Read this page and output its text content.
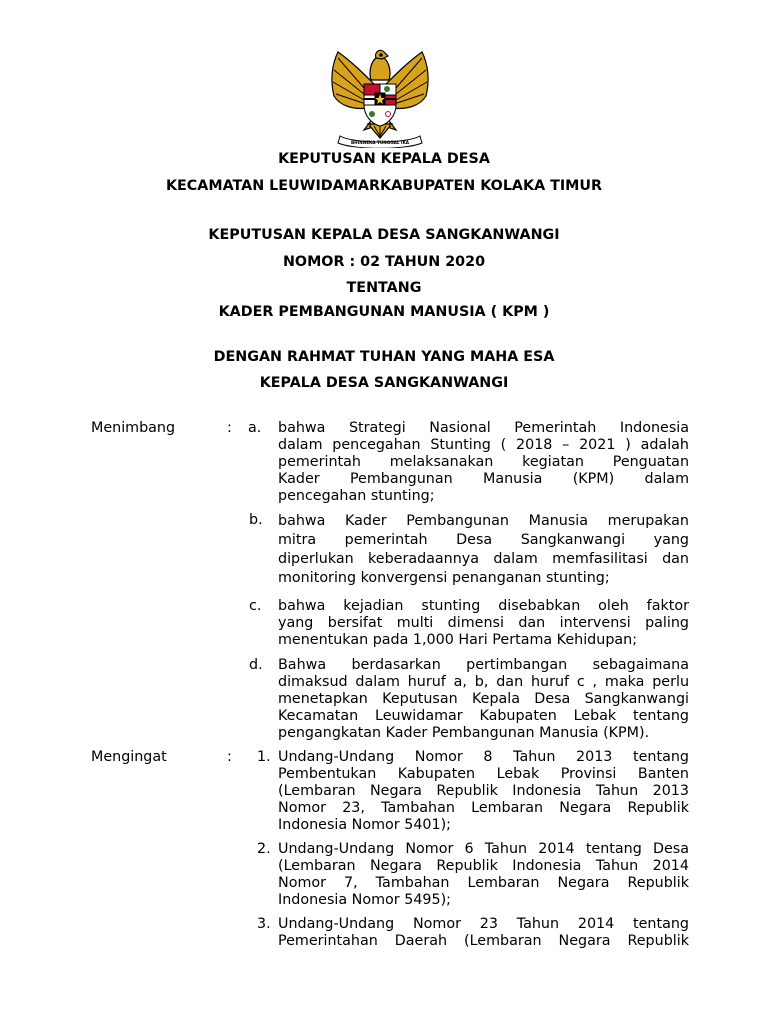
BHINNEKA TUNGGAL IKA
KEPUTUSAN KEPALA DESA
KECAMATAN LEUWIDAMARKABUPATEN KOLAKA TIMUR
KEPUTUSAN KEPALA DESA SANGKANWANGI
NOMOR : 02 TAHUN 2020
TENTANG
KADER PEMBANGUNAN MANUSIA ( KPM )
DENGAN RAHMAT TUHAN YANG MAHA ESA
KEPALA DESA SANGKANWANGI
Menimbang	: a. bahwa Strategi Nasional Pemerintah Indonesia
dalam pencegahan Stunting ( 2018 – 2021 ) adalah
pemerintah melaksanakan kegiatan Penguatan
Kader Pembangunan Manusia (KPM) dalam
pencegahan stunting;
b. bahwa Kader Pembangunan Manusia merupakan
mitra pemerintah Desa Sangkanwangi yang
diperlukan keberadaannya dalam memfasilitasi dan
monitoring konvergensi penanganan stunting;
c. bahwa kejadian stunting disebabkan oleh faktor
yang bersifat multi dimensi dan intervensi paling
menentukan pada 1,000 Hari Pertama Kehidupan;
d. Bahwa berdasarkan pertimbangan sebagaimana
dimaksud dalam huruf a, b, dan huruf c , maka perlu
menetapkan Keputusan Kepala Desa Sangkanwangi
Kecamatan Leuwidamar Kabupaten Lebak tentang
pengangkatan Kader Pembangunan Manusia (KPM).
Mengingat	: 1. Undang-Undang Nomor 8 Tahun 2013 tentang
Pembentukan Kabupaten Lebak Provinsi Banten
(Lembaran Negara Republik Indonesia Tahun 2013
Nomor 23, Tambahan Lembaran Negara Republik
Indonesia Nomor 5401);
2. Undang-Undang Nomor 6 Tahun 2014 tentang Desa
(Lembaran Negara Republik Indonesia Tahun 2014
Nomor 7, Tambahan Lembaran Negara Republik
Indonesia Nomor 5495);
3. Undang-Undang Nomor 23 Tahun 2014 tentang
Pemerintahan Daerah (Lembaran Negara Republik
